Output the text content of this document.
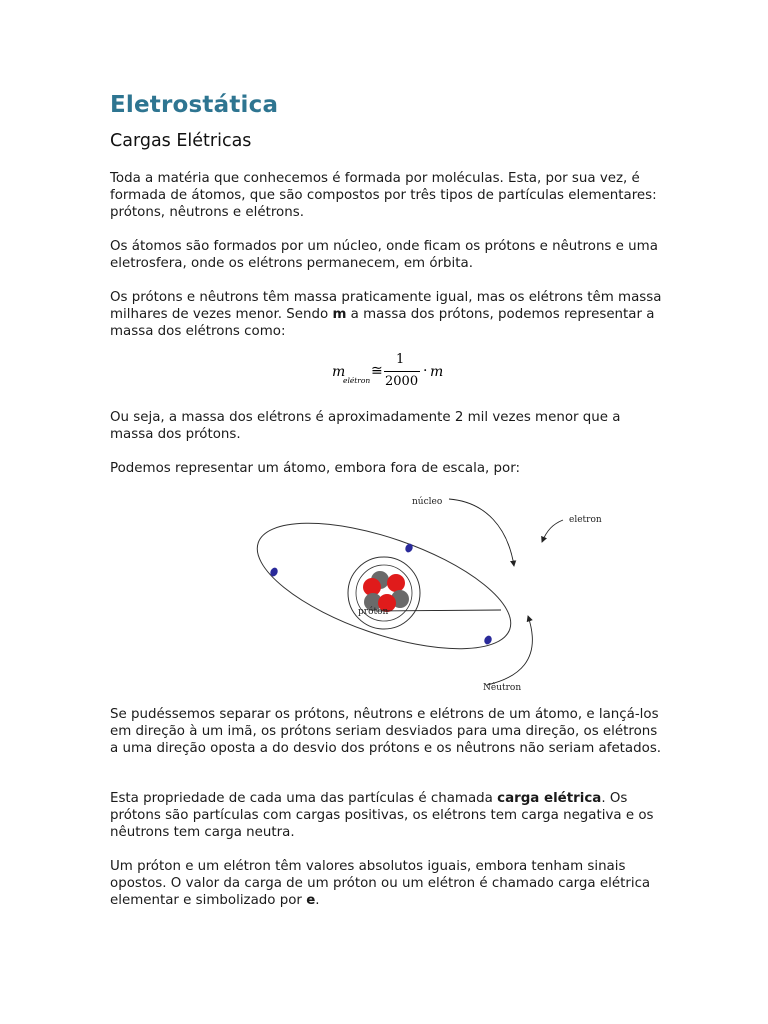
Eletrostática
Cargas Elétricas

Toda a matéria que conhecemos é formada por moléculas. Esta, por sua vez, é formada de átomos, que são compostos por três tipos de partículas elementares: prótons, nêutrons e elétrons.

Os átomos são formados por um núcleo, onde ficam os prótons e nêutrons e uma eletrosfera, onde os elétrons permanecem, em órbita.

Os prótons e nêutrons têm massa praticamente igual, mas os elétrons têm massa milhares de vezes menor. Sendo m a massa dos prótons, podemos representar a massa dos elétrons como:

m
elétron
≅
1
2000
· m

Ou seja, a massa dos elétrons é aproximadamente 2 mil vezes menor que a massa dos prótons.

Podemos representar um átomo, embora fora de escala, por:

núcleo
eletron
próton
Nêutron

Se pudéssemos separar os prótons, nêutrons e elétrons de um átomo, e lançá-los em direção à um imã, os prótons seriam desviados para uma direção, os elétrons a uma direção oposta a do desvio dos prótons e os nêutrons não seriam afetados.

Esta propriedade de cada uma das partículas é chamada carga elétrica. Os prótons são partículas com cargas positivas, os elétrons tem carga negativa e os nêutrons tem carga neutra.

Um próton e um elétron têm valores absolutos iguais, embora tenham sinais opostos. O valor da carga de um próton ou um elétron é chamado carga elétrica elementar e simbolizado por e.
